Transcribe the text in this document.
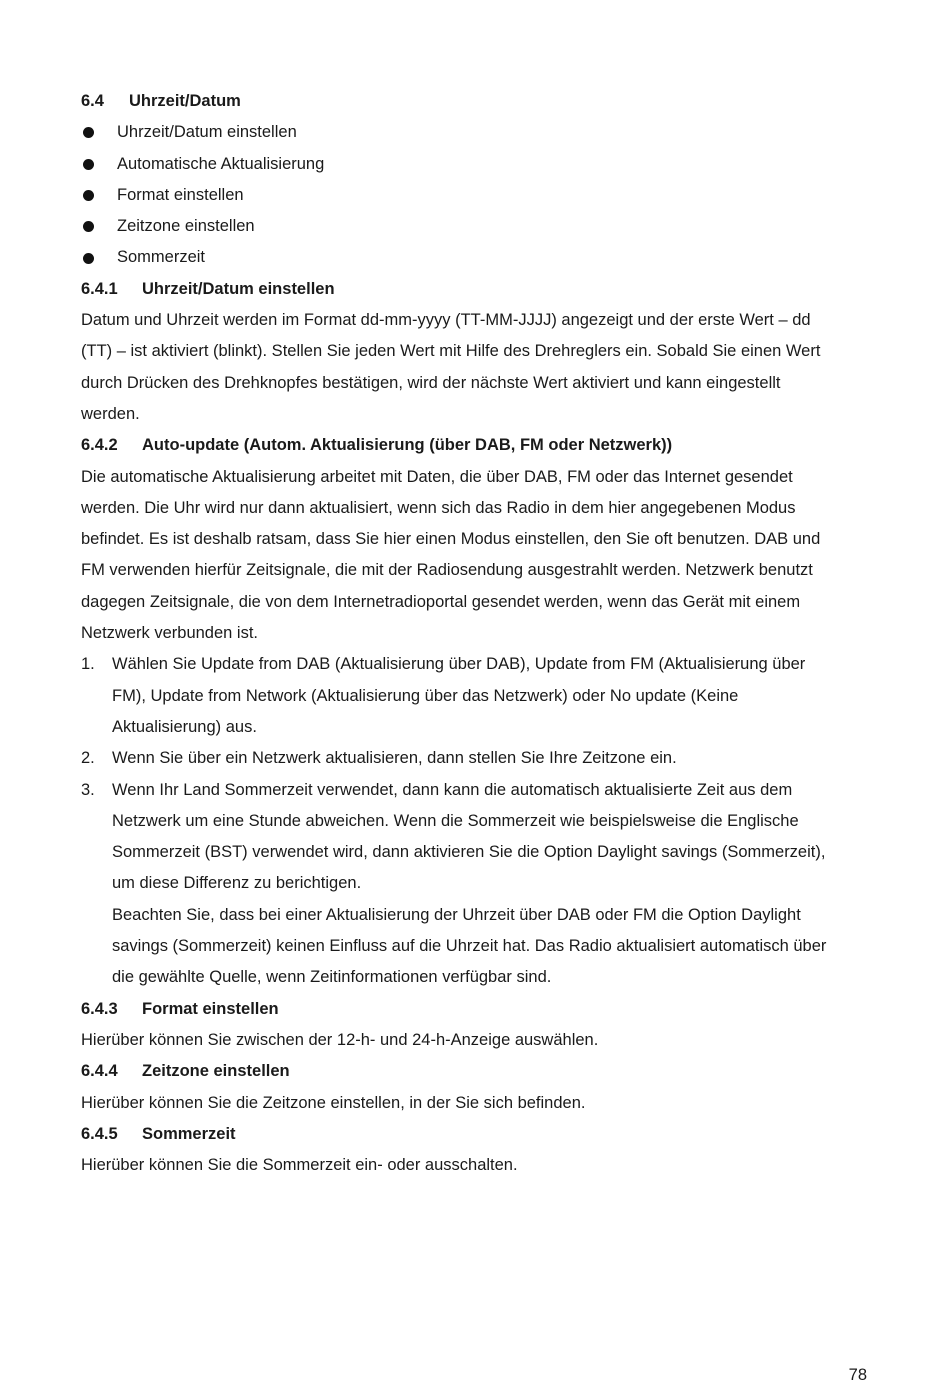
6.4 Uhrzeit/Datum

Uhrzeit/Datum einstellen

Automatische Aktualisierung

Format einstellen

Zeitzone einstellen

Sommerzeit

6.4.1 Uhrzeit/Datum einstellen

Datum und Uhrzeit werden im Format dd-mm-yyyy (TT-MM-JJJJ) angezeigt und der erste Wert – dd

(TT) – ist aktiviert (blinkt). Stellen Sie jeden Wert mit Hilfe des Drehreglers ein. Sobald Sie einen Wert

durch Drücken des Drehknopfes bestätigen, wird der nächste Wert aktiviert und kann eingestellt

werden.

6.4.2 Auto-update (Autom. Aktualisierung (über DAB, FM oder Netzwerk))

Die automatische Aktualisierung arbeitet mit Daten, die über DAB, FM oder das Internet gesendet

werden. Die Uhr wird nur dann aktualisiert, wenn sich das Radio in dem hier angegebenen Modus

befindet. Es ist deshalb ratsam, dass Sie hier einen Modus einstellen, den Sie oft benutzen. DAB und

FM verwenden hierfür Zeitsignale, die mit der Radiosendung ausgestrahlt werden. Netzwerk benutzt

dagegen Zeitsignale, die von dem Internetradioportal gesendet werden, wenn das Gerät mit einem

Netzwerk verbunden ist.

1.	Wählen Sie Update from DAB (Aktualisierung über DAB), Update from FM (Aktualisierung über
FM), Update from Network (Aktualisierung über das Netzwerk) oder No update (Keine
Aktualisierung) aus.
2.	Wenn Sie über ein Netzwerk aktualisieren, dann stellen Sie Ihre Zeitzone ein.
3.	Wenn Ihr Land Sommerzeit verwendet, dann kann die automatisch aktualisierte Zeit aus dem
Netzwerk um eine Stunde abweichen. Wenn die Sommerzeit wie beispielsweise die Englische
Sommerzeit (BST) verwendet wird, dann aktivieren Sie die Option Daylight savings (Sommerzeit),
um diese Differenz zu berichtigen.

Beachten Sie, dass bei einer Aktualisierung der Uhrzeit über DAB oder FM die Option Daylight

savings (Sommerzeit) keinen Einfluss auf die Uhrzeit hat. Das Radio aktualisiert automatisch über

die gewählte Quelle, wenn Zeitinformationen verfügbar sind.

6.4.3 Format einstellen

Hierüber können Sie zwischen der 12-h- und 24-h-Anzeige auswählen.

6.4.4 Zeitzone einstellen

Hierüber können Sie die Zeitzone einstellen, in der Sie sich befinden.

6.4.5 Sommerzeit

Hierüber können Sie die Sommerzeit ein- oder ausschalten.

78
